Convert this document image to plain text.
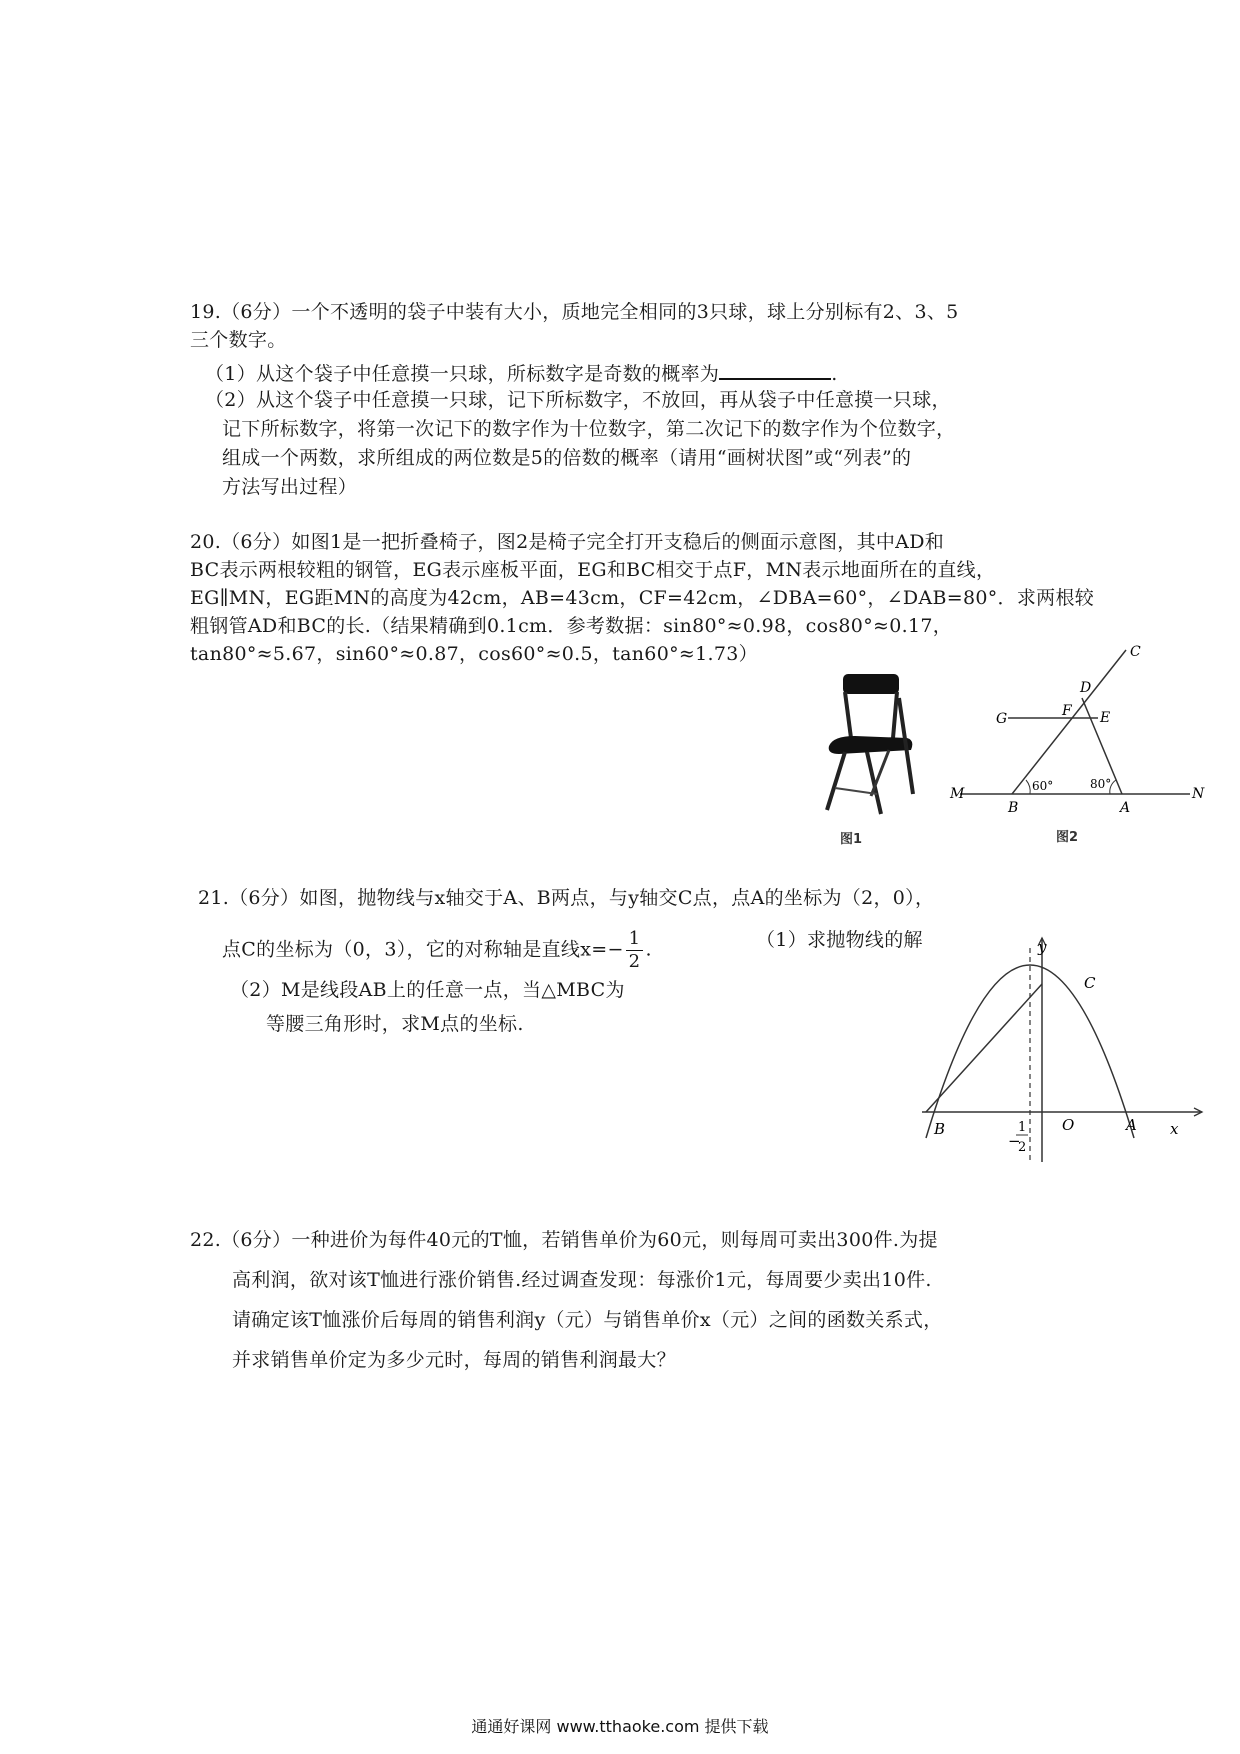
19.（6分）一个不透明的袋子中装有大小，质地完全相同的3只球，球上分别标有2、3、5
三个数字。
（1）从这个袋子中任意摸一只球，所标数字是奇数的概率为	.
（2）从这个袋子中任意摸一只球，记下所标数字，不放回，再从袋子中任意摸一只球，
记下所标数字，将第一次记下的数字作为十位数字，第二次记下的数字作为个位数字，
组成一个两数，求所组成的两位数是5的倍数的概率（请用“画树状图”或“列表”的
方法写出过程）
20.（6分）如图1是一把折叠椅子，图2是椅子完全打开支稳后的侧面示意图，其中AD和
BC表示两根较粗的钢管，EG表示座板平面，EG和BC相交于点F，MN表示地面所在的直线，
EG∥MN，EG距MN的高度为42cm，AB=43cm，CF=42cm，∠DBA=60°，∠DAB=80°．求两根较
粗钢管AD和BC的长.（结果精确到0.1cm．参考数据：sin80°≈0.98，cos80°≈0.17，
tan80°≈5.67，sin60°≈0.87，cos60°≈0.5，tan60°≈1.73）
图1
C
D
G	F E
M
B	A
N
60°	80°
图2
21.（6分）如图，抛物线与x轴交于A、B两点，与y轴交C点，点A的坐标为（2，0），
点C的坐标为（0，3），它的对称轴是直线$x=- \frac{1}{2}$ .	（1）求抛物线的解
（2）M是线段AB上的任意一点，当△MBC为
等腰三角形时，求M点的坐标.
y
x
C
B	O	A
−
1
2
22.（6分）一种进价为每件40元的T恤，若销售单价为60元，则每周可卖出300件.为提
高利润，欲对该T恤进行涨价销售.经过调查发现：每涨价1元，每周要少卖出10件.
请确定该T恤涨价后每周的销售利润y（元）与销售单价x（元）之间的函数关系式，
并求销售单价定为多少元时，每周的销售利润最大？
通通好课网 www.tthaoke.com 提供下载
